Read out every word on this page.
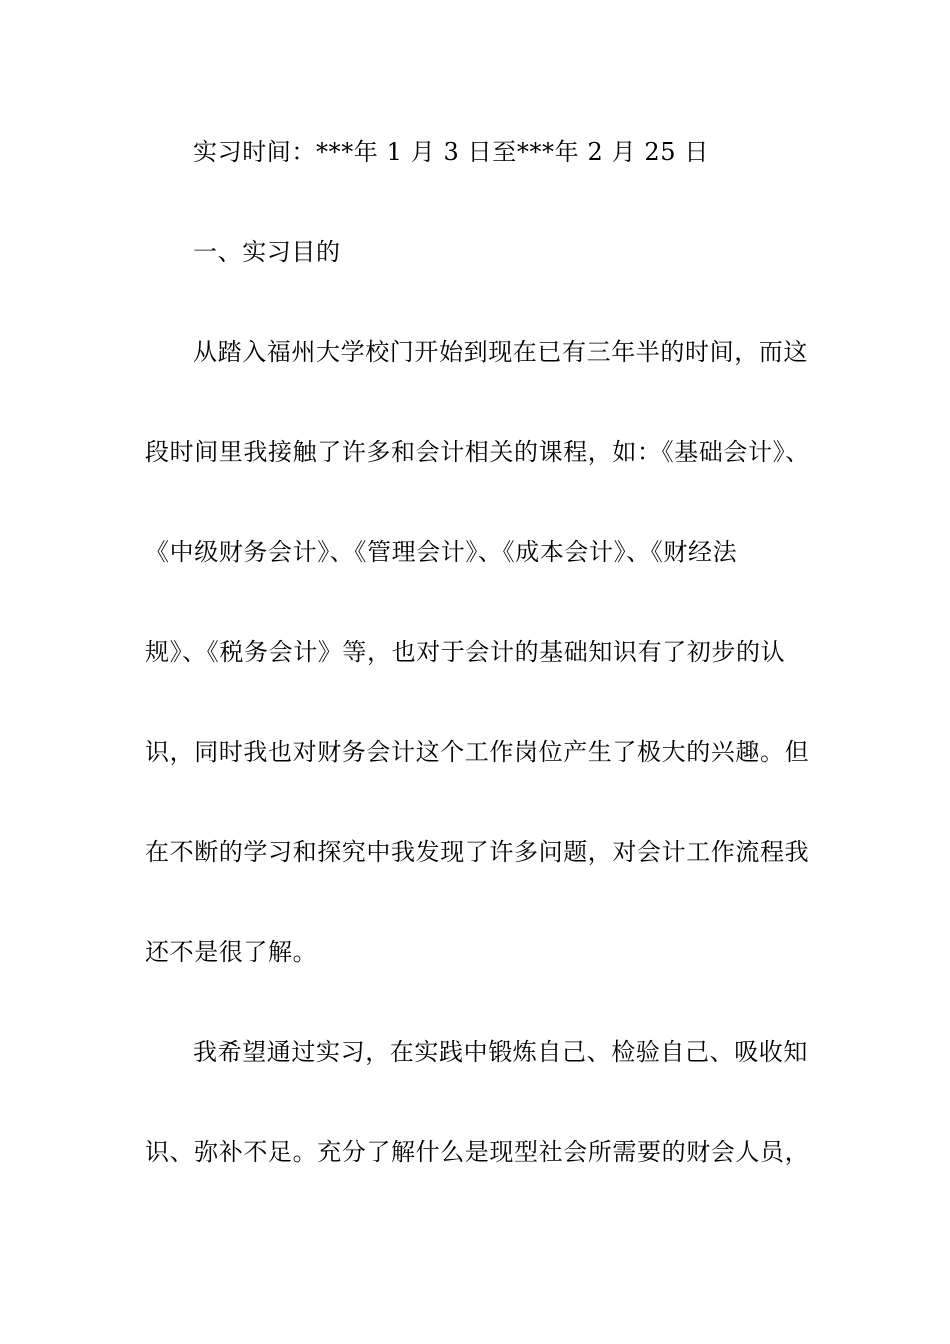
实习时间：***年 1 月 3 日至***年 2 月 25 日
一、实习目的
从踏入福州大学校门开始到现在已有三年半的时间，而这
段时间里我接触了许多和会计相关的课程，如：《基础会计》、
《中级财务会计》、《管理会计》、《成本会计》、《财经法
规》、《税务会计》等，也对于会计的基础知识有了初步的认
识，同时我也对财务会计这个工作岗位产生了极大的兴趣。但
在不断的学习和探究中我发现了许多问题，对会计工作流程我
还不是很了解。
我希望通过实习，在实践中锻炼自己、检验自己、吸收知
识、弥补不足。充分了解什么是现型社会所需要的财会人员，
